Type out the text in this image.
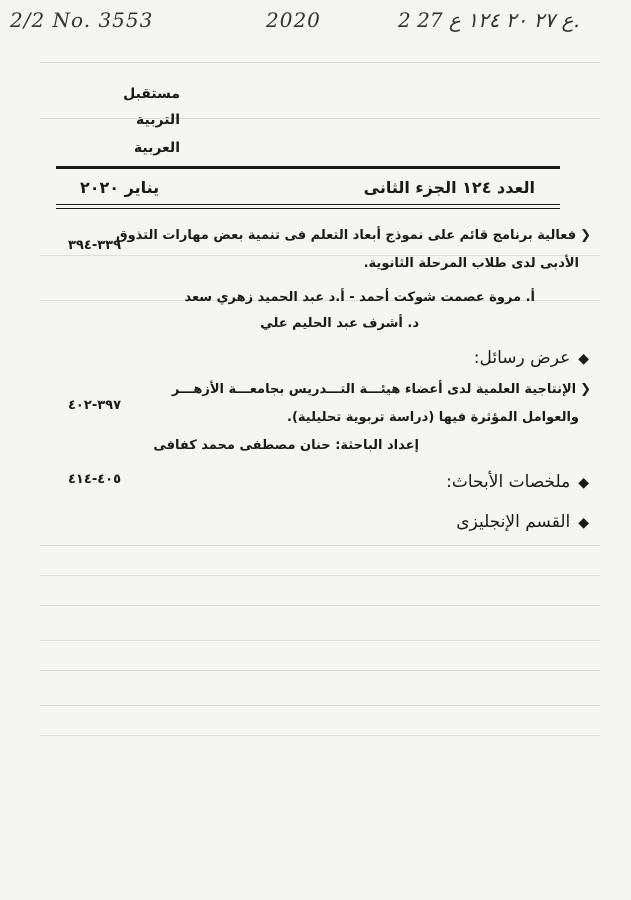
2/2 No. 3553	2020	ع ٢٧ ٢٠ ١٢٤ ع 27 2.
مستقبل
التربية
العربية
العدد ١٢٤ الجزء الثانى
يناير ٢٠٢٠
❮فعالية برنامج قائم على نموذج أبعاد التعلم فى تنمية بعض مهارات التذوق
الأدبى لدى طلاب المرحلة الثانوية.
٣٣٩-٣٩٤
أ. مروة عصمت شوكت أحمد - أ.د عبد الحميد زهري سعد
د. أشرف عبد الحليم علي
◆عرض رسائل:
❮الإنتاجية العلمية لدى أعضاء هيئـــة التـــدريس بجامعـــة الأزهـــر
والعوامل المؤثرة فيها (دراسة تربوية تحليلية).
٣٩٧-٤٠٢
إعداد الباحثة: حنان مصطفى محمد كفافى
◆ملخصات الأبحاث:
٤٠٥-٤١٤
◆القسم الإنجليزى
